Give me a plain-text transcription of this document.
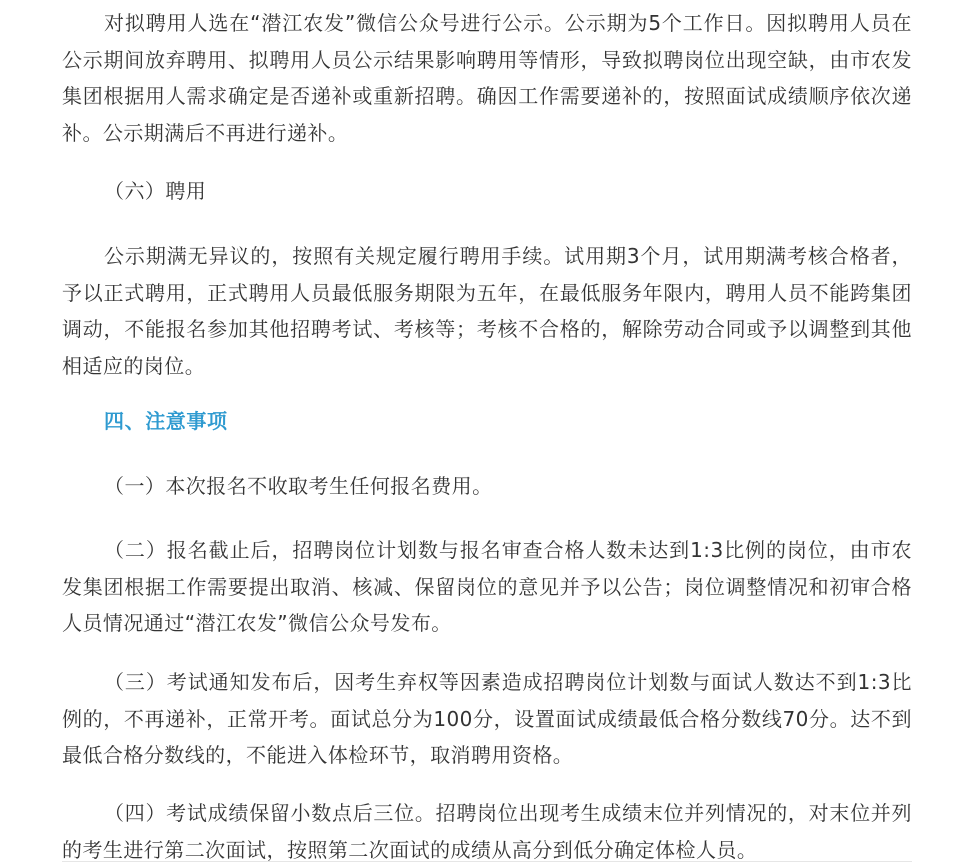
对拟聘用人选在“潜江农发”微信公众号进行公示。公示期为5个工作日。因拟聘用人员在公示期间放弃聘用、拟聘用人员公示结果影响聘用等情形，导致拟聘岗位出现空缺，由市农发集团根据用人需求确定是否递补或重新招聘。确因工作需要递补的，按照面试成绩顺序依次递补。公示期满后不再进行递补。

（六）聘用

公示期满无异议的，按照有关规定履行聘用手续。试用期3个月，试用期满考核合格者，予以正式聘用，正式聘用人员最低服务期限为五年，在最低服务年限内，聘用人员不能跨集团调动，不能报名参加其他招聘考试、考核等；考核不合格的，解除劳动合同或予以调整到其他相适应的岗位。

四、注意事项

（一）本次报名不收取考生任何报名费用。

（二）报名截止后，招聘岗位计划数与报名审查合格人数未达到1:3比例的岗位，由市农发集团根据工作需要提出取消、核减、保留岗位的意见并予以公告；岗位调整情况和初审合格人员情况通过“潜江农发”微信公众号发布。

（三）考试通知发布后，因考生弃权等因素造成招聘岗位计划数与面试人数达不到1:3比例的，不再递补，正常开考。面试总分为100分，设置面试成绩最低合格分数线70分。达不到最低合格分数线的，不能进入体检环节，取消聘用资格。

（四）考试成绩保留小数点后三位。招聘岗位出现考生成绩末位并列情况的，对末位并列的考生进行第二次面试，按照第二次面试的成绩从高分到低分确定体检人员。
